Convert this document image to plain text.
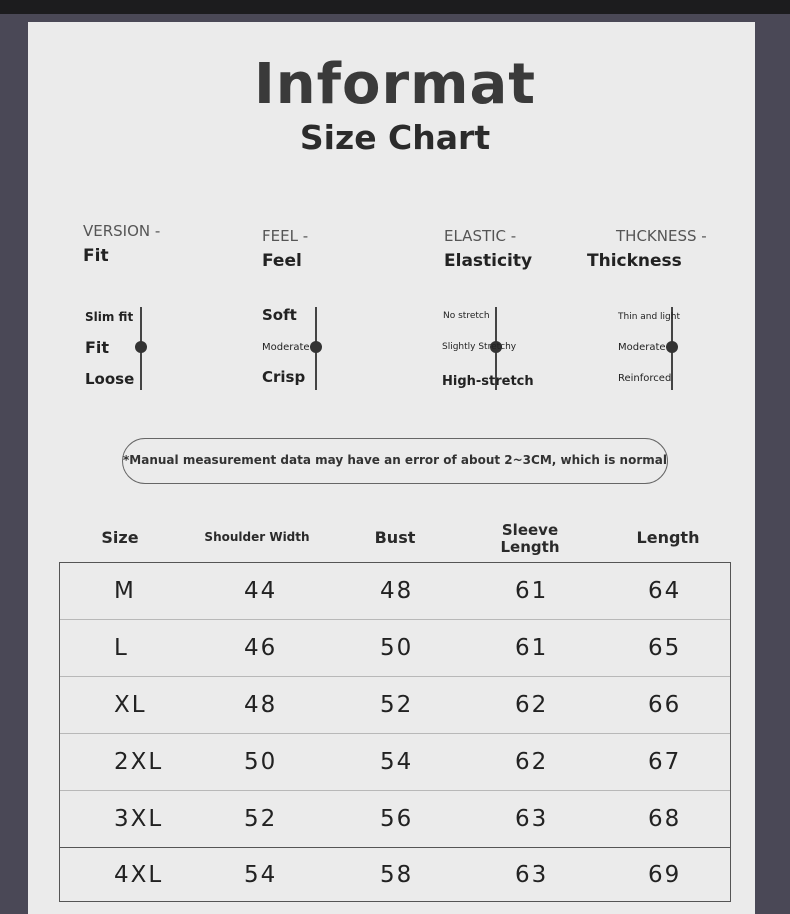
Informat
Size Chart
VERSION -
Fit
FEEL -
Feel
ELASTIC -
Elasticity
THCKNESS -
Thickness
Slim fit
Fit
Loose
Soft
Moderate
Crisp
No stretch
Slightly Stretchy
High-stretch
Thin and light
Moderate
Reinforced
*Manual measurement data may have an error of about 2~3CM, which is normal
Size	Shoulder Width	Bust	Sleeve Length	Length
M	44	48	61	64
L	46	50	61	65
XL	48	52	62	66
2XL	50	54	62	67
3XL	52	56	63	68
4XL	54	58	63	69
